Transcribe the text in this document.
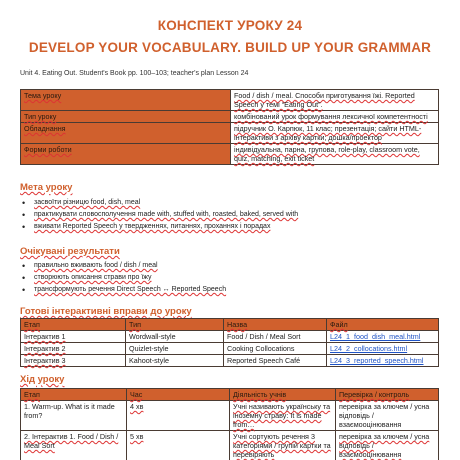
КОНСПЕКТ УРОКУ 24
DEVELOP YOUR VOCABULARY. BUILD UP YOUR GRAMMAR
Unit 4. Eating Out. Student's Book pp. 100–103; teacher's plan Lesson 24
Тема уроку	Food / dish / meal. Способи приготування їжі. Reported Speech у темі “Eating Out”.
Тип уроку	комбінований урок формування лексичної компетентності
Обладнання	підручник О. Карпюк, 11 клас; презентація; сайти HTML-інтерактиви з архіву картки; дошка/проектор
Форми роботи	індивідуальна, парна, групова, role-play, classroom vote, quiz, matching, exit ticket
Мета уроку
• засвоїти різницю food, dish, meal
• практикувати словосполучення made with, stuffed with, roasted, baked, served with
• вживати Reported Speech у твердженнях, питаннях, проханнях і порадах
Очікувані результати
• правильно вживають food / dish / meal
• створюють описання страви про їжу
• трансформують речення Direct Speech ↔ Reported Speech
Готові інтерактивні вправи до уроку
Етап	Тип	Назва	Файл
Інтерактив 1	Wordwall-style	Food / Dish / Meal Sort	L24_1_food_dish_meal.html
Інтерактив 2	Quizlet-style	Cooking Collocations	L24_2_collocations.html
Інтерактив 3	Kahoot-style	Reported Speech Café	L24_3_reported_speech.html
Хід уроку
Етап	Час	Діяльність учнів	Перевірка / контроль
1. Warm-up. What is it made from?	4 хв	Учні називають українську та іноземну страву: It is made from…	перевірка за ключем / усна відповідь / взаємооцінювання
2. Інтерактив 1. Food / Dish / Meal Sort	5 хв	Учні сортують речення 3 категоріями / групій картки та перевіряють	перевірка за ключем / усна відповідь / взаємооцінювання
